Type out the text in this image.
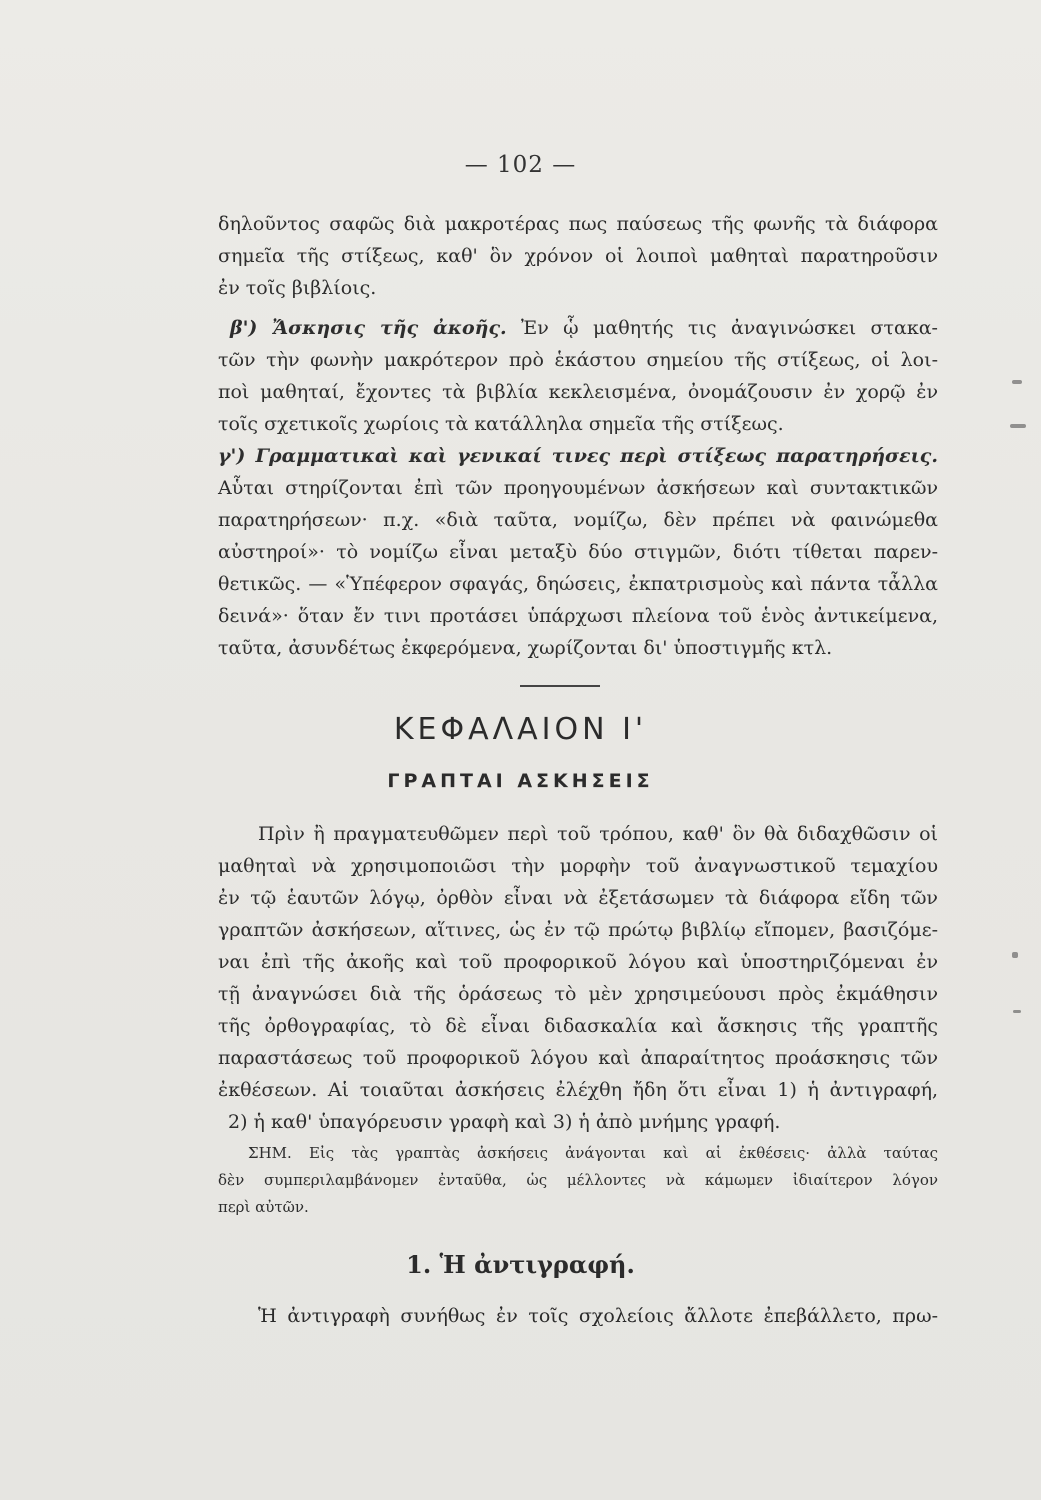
— 102 —
δηλοῦντος σαφῶς διὰ μακροτέρας πως παύσεως τῆς φωνῆς τὰ διάφορα
σημεῖα τῆς στίξεως, καθ' ὃν χρόνον οἱ λοιποὶ μαθηταὶ παρατηροῦσιν
ἐν τοῖς βιβλίοις.
β') Ἄσκησις τῆς ἀκοῆς. Ἐν ᾧ μαθητής τις ἀναγινώσκει στακα-
τῶν τὴν φωνὴν μακρότερον πρὸ ἑκάστου σημείου τῆς στίξεως, οἱ λοι-
ποὶ μαθηταί, ἔχοντες τὰ βιβλία κεκλεισμένα, ὀνομάζουσιν ἐν χορῷ ἐν
τοῖς σχετικοῖς χωρίοις τὰ κατάλληλα σημεῖα τῆς στίξεως.
γ') Γραμματικαὶ καὶ γενικαί τινες περὶ στίξεως παρατηρήσεις.
Αὗται στηρίζονται ἐπὶ τῶν προηγουμένων ἀσκήσεων καὶ συντακτικῶν
παρατηρήσεων· π.χ. «διὰ ταῦτα, νομίζω, δὲν πρέπει νὰ φαινώμεθα
αὐστηροί»· τὸ νομίζω εἶναι μεταξὺ δύο στιγμῶν, διότι τίθεται παρεν-
θετικῶς. — «Ὑπέφερον σφαγάς, δηώσεις, ἐκπατρισμοὺς καὶ πάντα τἆλλα
δεινά»· ὅταν ἔν τινι προτάσει ὑπάρχωσι πλείονα τοῦ ἑνὸς ἀντικείμενα,
ταῦτα, ἀσυνδέτως ἐκφερόμενα, χωρίζονται δι' ὑποστιγμῆς κτλ.
ΚΕΦΑΛΑΙΟΝ Ι'
ΓΡΑΠΤΑΙ ΑΣΚΗΣΕΙΣ
Πρὶν ἢ πραγματευθῶμεν περὶ τοῦ τρόπου, καθ' ὃν θὰ διδαχθῶσιν οἱ
μαθηταὶ νὰ χρησιμοποιῶσι τὴν μορφὴν τοῦ ἀναγνωστικοῦ τεμαχίου
ἐν τῷ ἑαυτῶν λόγῳ, ὀρθὸν εἶναι νὰ ἐξετάσωμεν τὰ διάφορα εἴδη τῶν
γραπτῶν ἀσκήσεων, αἵτινες, ὡς ἐν τῷ πρώτῳ βιβλίῳ εἴπομεν, βασιζόμε-
ναι ἐπὶ τῆς ἀκοῆς καὶ τοῦ προφορικοῦ λόγου καὶ ὑποστηριζόμεναι ἐν
τῇ ἀναγνώσει διὰ τῆς ὁράσεως τὸ μὲν χρησιμεύουσι πρὸς ἐκμάθησιν
τῆς ὀρθογραφίας, τὸ δὲ εἶναι διδασκαλία καὶ ἄσκησις τῆς γραπτῆς
παραστάσεως τοῦ προφορικοῦ λόγου καὶ ἀπαραίτητος προάσκησις τῶν
ἐκθέσεων. Αἱ τοιαῦται ἀσκήσεις ἐλέχθη ἤδη ὅτι εἶναι 1) ἡ ἀντιγραφή,
2) ἡ καθ' ὑπαγόρευσιν γραφὴ καὶ 3) ἡ ἀπὸ μνήμης γραφή.
ΣΗΜ. Εἰς τὰς γραπτὰς ἀσκήσεις ἀνάγονται καὶ αἱ ἐκθέσεις· ἀλλὰ ταύτας
δὲν συμπεριλαμβάνομεν ἐνταῦθα, ὡς μέλλοντες νὰ κάμωμεν ἰδιαίτερον λόγον
περὶ αὐτῶν.
1. Ἡ ἀντιγραφή.
Ἡ ἀντιγραφὴ συνήθως ἐν τοῖς σχολείοις ἄλλοτε ἐπεβάλλετο, πρω-
